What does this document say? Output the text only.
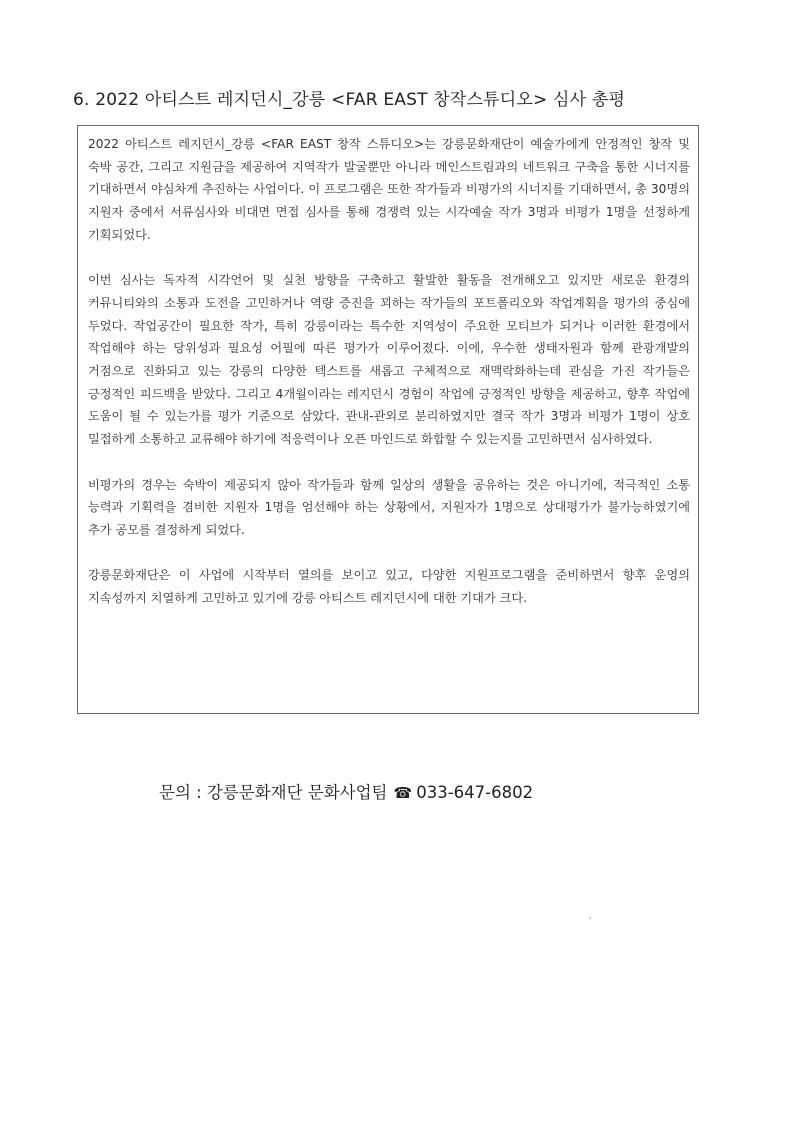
6. 2022 아티스트 레지던시_강릉 <FAR EAST 창작스튜디오> 심사 총평

2022 아티스트 레지던시_강릉 <FAR EAST 창작 스튜디오>는 강릉문화재단이 예술가에게 안정적인 창작 및 숙박 공간, 그리고 지원금을 제공하여 지역작가 발굴뿐만 아니라 메인스트림과의 네트워크 구축을 통한 시너지를 기대하면서 야심차게 추진하는 사업이다. 이 프로그램은 또한 작가들과 비평가의 시너지를 기대하면서, 총 30명의 지원자 중에서 서류심사와 비대면 면접 심사를 통해 경쟁력 있는 시각예술 작가 3명과 비평가 1명을 선정하게 기획되었다.

이번 심사는 독자적 시각언어 및 실천 방향을 구축하고 활발한 활동을 전개해오고 있지만 새로운 환경의 커뮤니티와의 소통과 도전을 고민하거나 역량 증진을 꾀하는 작가들의 포트폴리오와 작업계획을 평가의 중심에 두었다. 작업공간이 필요한 작가, 특히 강릉이라는 특수한 지역성이 주요한 모티브가 되거나 이러한 환경에서 작업해야 하는 당위성과 필요성 어필에 따른 평가가 이루어졌다. 이에, 우수한 생태자원과 함께 관광개발의 거점으로 진화되고 있는 강릉의 다양한 텍스트를 새롭고 구체적으로 재맥락화하는데 관심을 가진 작가들은 긍정적인 피드백을 받았다. 그리고 4개월이라는 레지던시 경험이 작업에 긍정적인 방향을 제공하고, 향후 작업에 도움이 될 수 있는가를 평가 기준으로 삼았다. 관내-관외로 분리하였지만 결국 작가 3명과 비평가 1명이 상호 밀접하게 소통하고 교류해야 하기에 적응력이나 오픈 마인드로 화합할 수 있는지를 고민하면서 심사하였다.

비평가의 경우는 숙박이 제공되지 않아 작가들과 함께 일상의 생활을 공유하는 것은 아니기에, 적극적인 소통 능력과 기획력을 겸비한 지원자 1명을 엄선해야 하는 상황에서, 지원자가 1명으로 상대평가가 불가능하였기에 추가 공모를 결정하게 되었다.

강릉문화재단은 이 사업에 시작부터 열의를 보이고 있고, 다양한 지원프로그램을 준비하면서 향후 운영의 지속성까지 치열하게 고민하고 있기에 강릉 아티스트 레지던시에 대한 기대가 크다.

문의 : 강릉문화재단 문화사업팀 ☎ 033-647-6802
